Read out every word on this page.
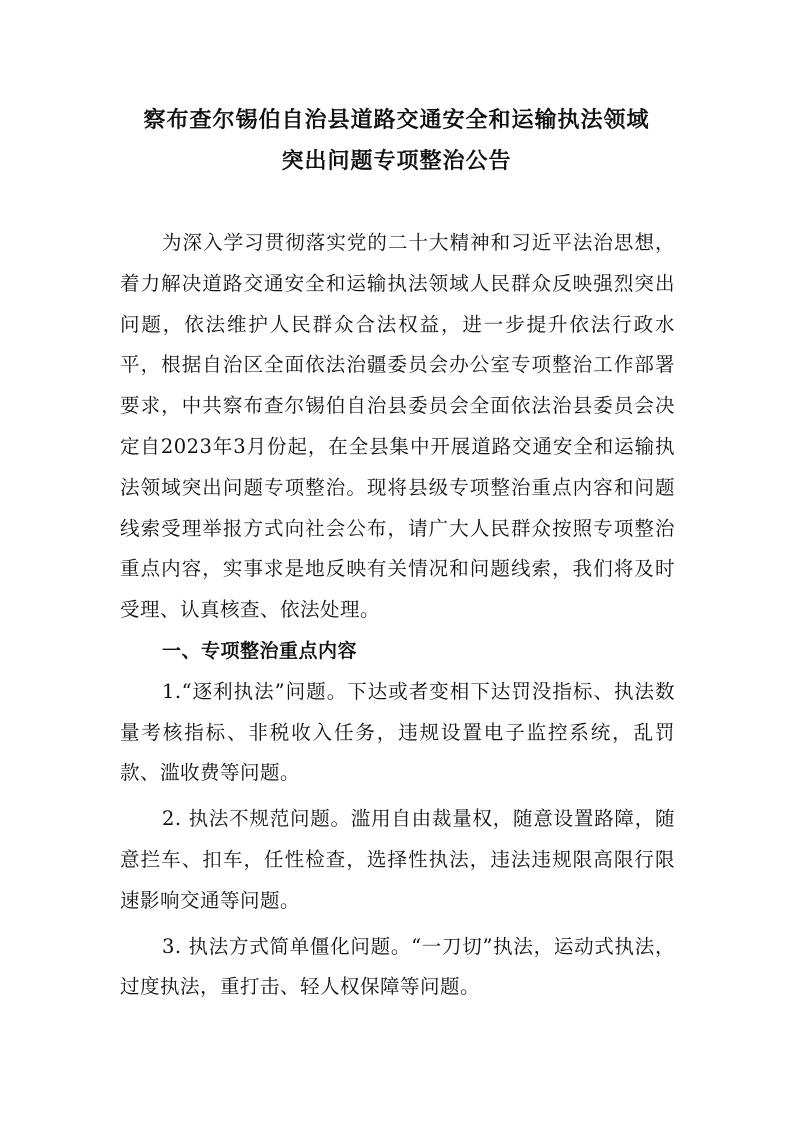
察布查尔锡伯自治县道路交通安全和运输执法领域
突出问题专项整治公告

为深入学习贯彻落实党的二十大精神和习近平法治思想，着力解决道路交通安全和运输执法领域人民群众反映强烈突出问题，依法维护人民群众合法权益，进一步提升依法行政水平，根据自治区全面依法治疆委员会办公室专项整治工作部署要求，中共察布查尔锡伯自治县委员会全面依法治县委员会决定自2023年3月份起，在全县集中开展道路交通安全和运输执法领域突出问题专项整治。现将县级专项整治重点内容和问题线索受理举报方式向社会公布，请广大人民群众按照专项整治重点内容，实事求是地反映有关情况和问题线索，我们将及时受理、认真核查、依法处理。

一、专项整治重点内容

1.“逐利执法”问题。下达或者变相下达罚没指标、执法数量考核指标、非税收入任务，违规设置电子监控系统，乱罚款、滥收费等问题。

2. 执法不规范问题。滥用自由裁量权，随意设置路障，随意拦车、扣车，任性检查，选择性执法，违法违规限高限行限速影响交通等问题。

3. 执法方式简单僵化问题。“一刀切”执法，运动式执法，过度执法，重打击、轻人权保障等问题。
